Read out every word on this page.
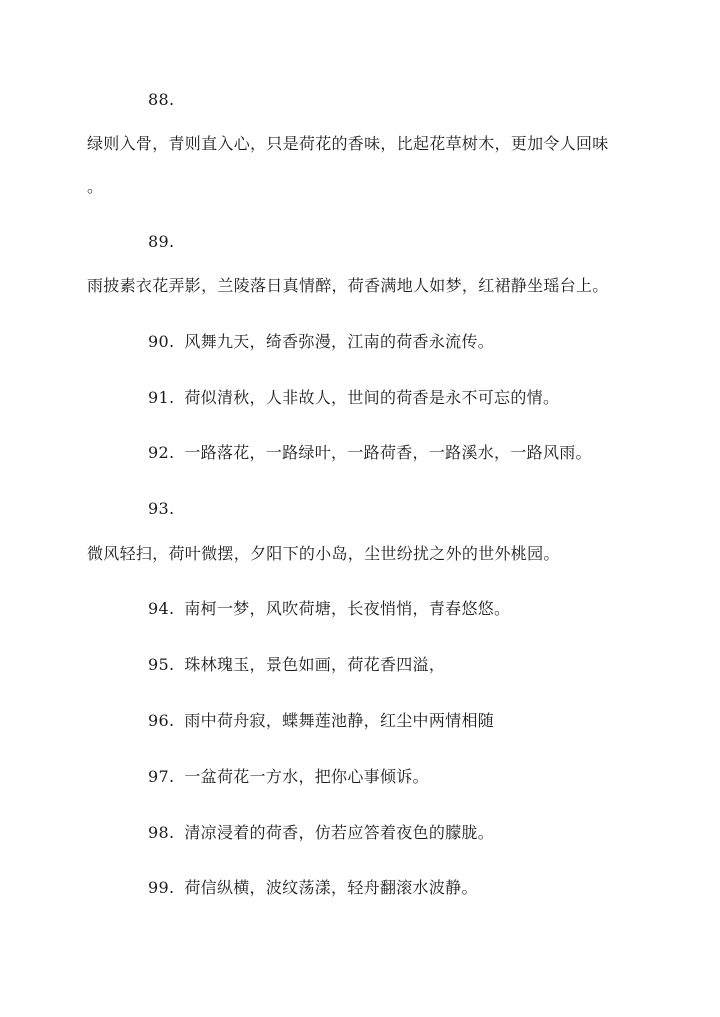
88.
绿则入骨，青则直入心，只是荷花的香味，比起花草树木，更加令人回味
。
89.
雨披素衣花弄影，兰陵落日真情醉，荷香满地人如梦，红裙静坐瑶台上。
90. 风舞九天，绮香弥漫，江南的荷香永流传。
91. 荷似清秋，人非故人，世间的荷香是永不可忘的情。
92. 一路落花，一路绿叶，一路荷香，一路溪水，一路风雨。
93.
微风轻扫，荷叶微摆，夕阳下的小岛，尘世纷扰之外的世外桃园。
94. 南柯一梦，风吹荷塘，长夜悄悄，青春悠悠。
95. 珠林瑰玉，景色如画，荷花香四溢，
96. 雨中荷舟寂，蝶舞莲池静，红尘中两情相随
97. 一盆荷花一方水，把你心事倾诉。
98. 清凉浸着的荷香，仿若应答着夜色的朦胧。
99. 荷信纵横，波纹荡漾，轻舟翻滚水波静。
